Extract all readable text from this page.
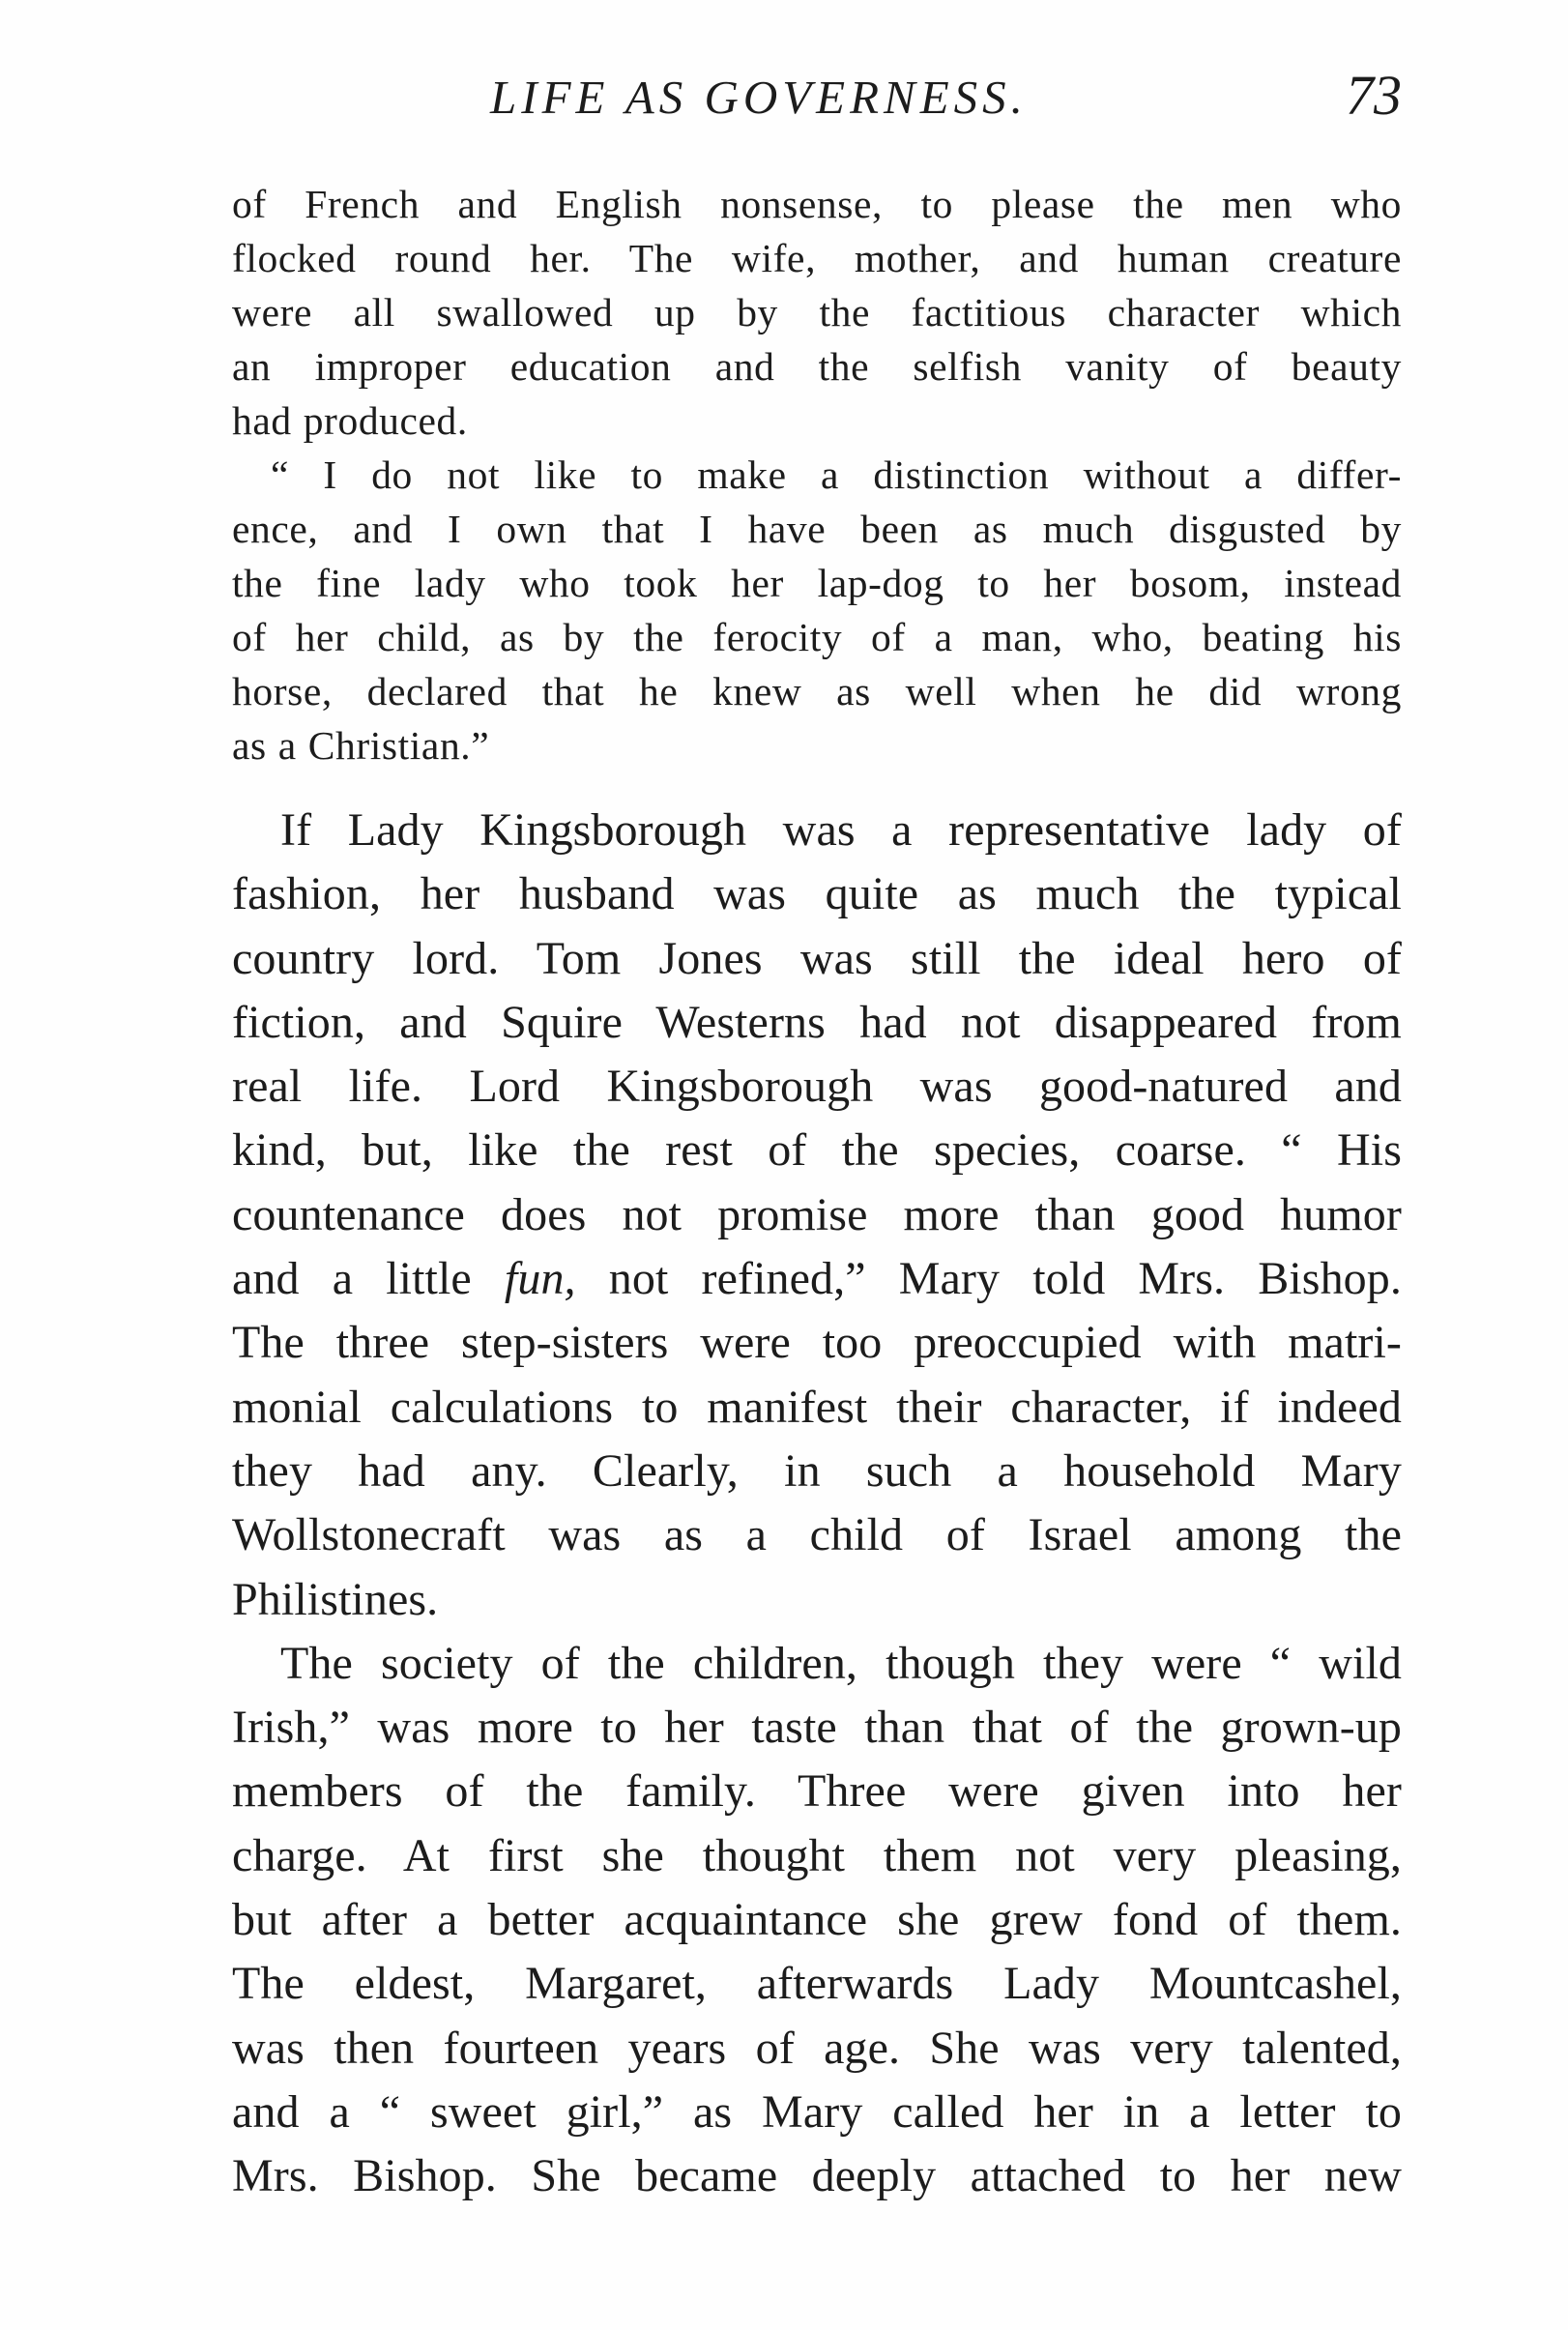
LIFE AS GOVERNESS.	73

of French and English nonsense, to please the men who
flocked round her. The wife, mother, and human creature
were all swallowed up by the factitious character which
an improper education and the selfish vanity of beauty
had produced.

“ I do not like to make a distinction without a differ-

ence, and I own that I have been as much disgusted by
the fine lady who took her lap-dog to her bosom, instead
of her child, as by the ferocity of a man, who, beating his
horse, declared that he knew as well when he did wrong
as a Christian.”

If Lady Kingsborough was a representative lady of
fashion, her husband was quite as much the typical
country lord. Tom Jones was still the ideal hero of
fiction, and Squire Westerns had not disappeared from
real life. Lord Kingsborough was good-natured and
kind, but, like the rest of the species, coarse. “ His
countenance does not promise more than good humor
and a little fun, not refined,” Mary told Mrs. Bishop.
The three step-sisters were too preoccupied with matri-
monial calculations to manifest their character, if indeed
they had any. Clearly, in such a household Mary
Wollstonecraft was as a child of Israel among the
Philistines.

The society of the children, though they were “ wild
Irish,” was more to her taste than that of the grown-up
members of the family. Three were given into her
charge. At first she thought them not very pleasing,
but after a better acquaintance she grew fond of them.
The eldest, Margaret, afterwards Lady Mountcashel,
was then fourteen years of age. She was very talented,
and a “ sweet girl,” as Mary called her in a letter to
Mrs. Bishop. She became deeply attached to her new
